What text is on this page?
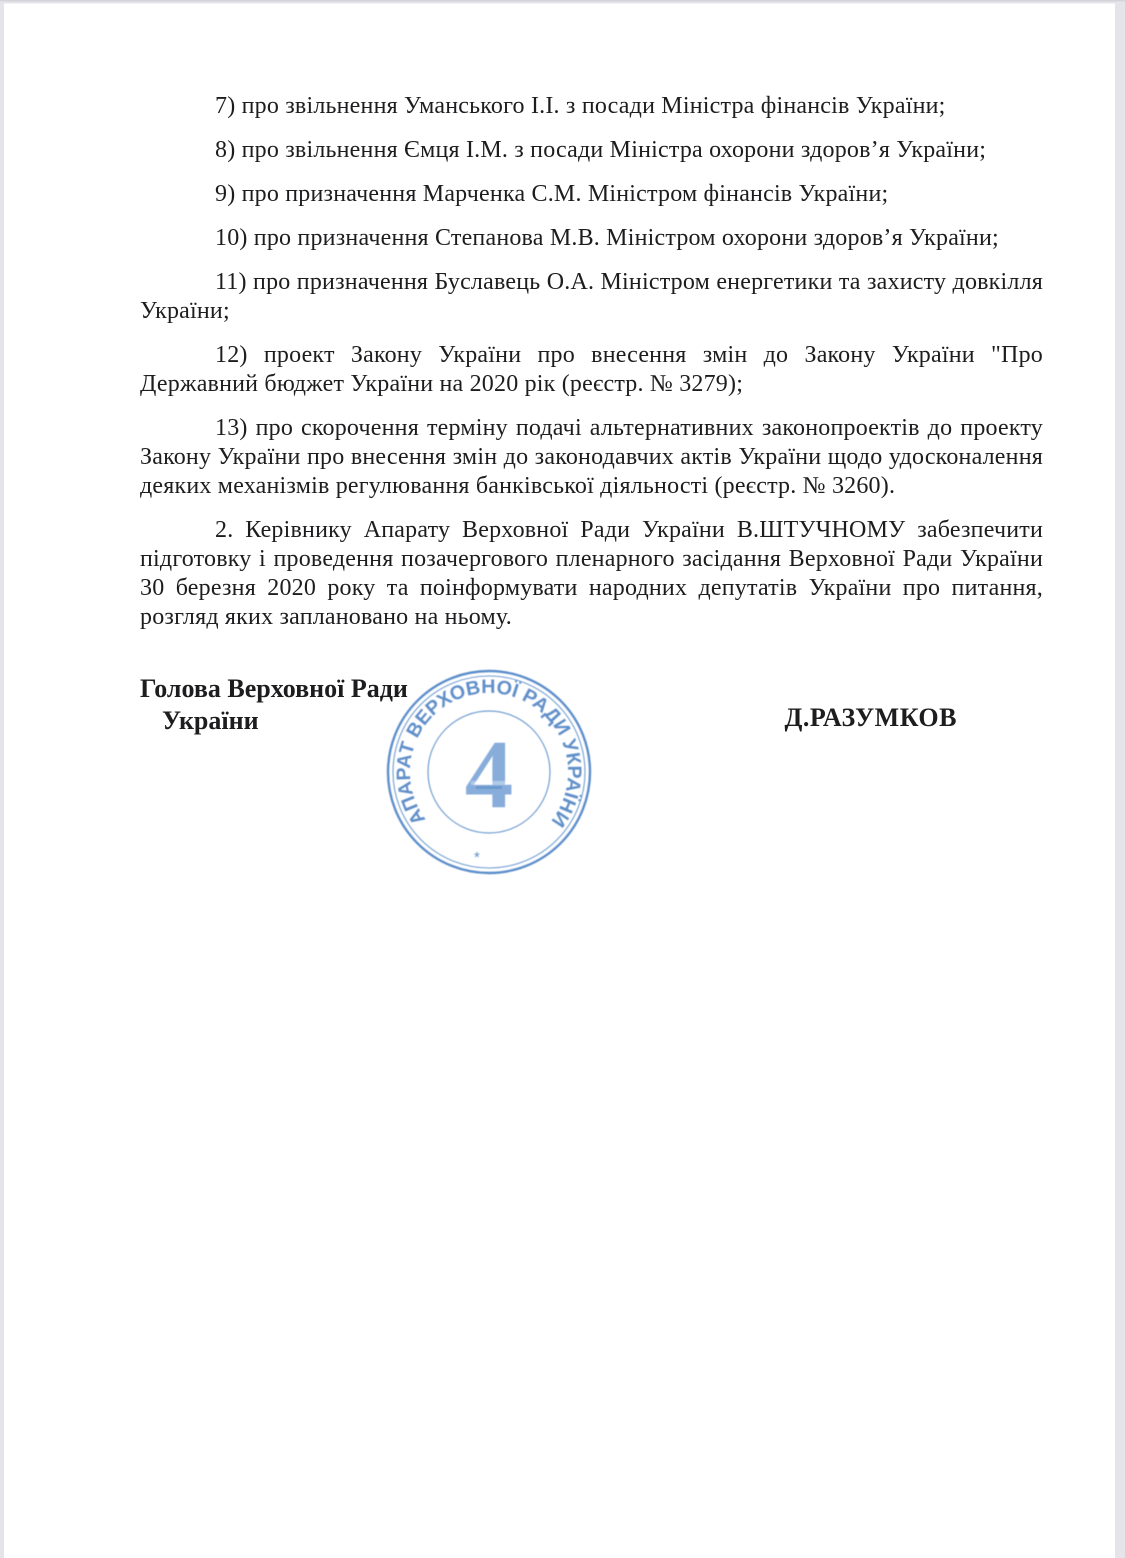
7) про звільнення Уманського І.І. з посади Міністра фінансів України;

8) про звільнення Ємця І.М. з посади Міністра охорони здоров’я України;

9) про призначення Марченка С.М. Міністром фінансів України;

10) про призначення Степанова М.В. Міністром охорони здоров’я України;

11) про призначення Буславець О.А. Міністром енергетики та захисту довкілля України;

12) проект Закону України про внесення змін до Закону України "Про Державний бюджет України на 2020 рік (реєстр. № 3279);

13) про скорочення терміну подачі альтернативних законопроектів до проекту Закону України про внесення змін до законодавчих актів України щодо удосконалення деяких механізмів регулювання банківської діяльності (реєстр. № 3260).

2. Керівнику Апарату Верховної Ради України В.ШТУЧНОМУ забезпечити підготовку і проведення позачергового пленарного засідання Верховної Ради України 30 березня 2020 року та поінформувати народних депутатів України про питання, розгляд яких заплановано на ньому.

Голова Верховної Ради
України	Д.РАЗУМКОВ
АПАРАТ ВЕРХОВНОЇ РАДИ УКРАЇНИ
*
4
